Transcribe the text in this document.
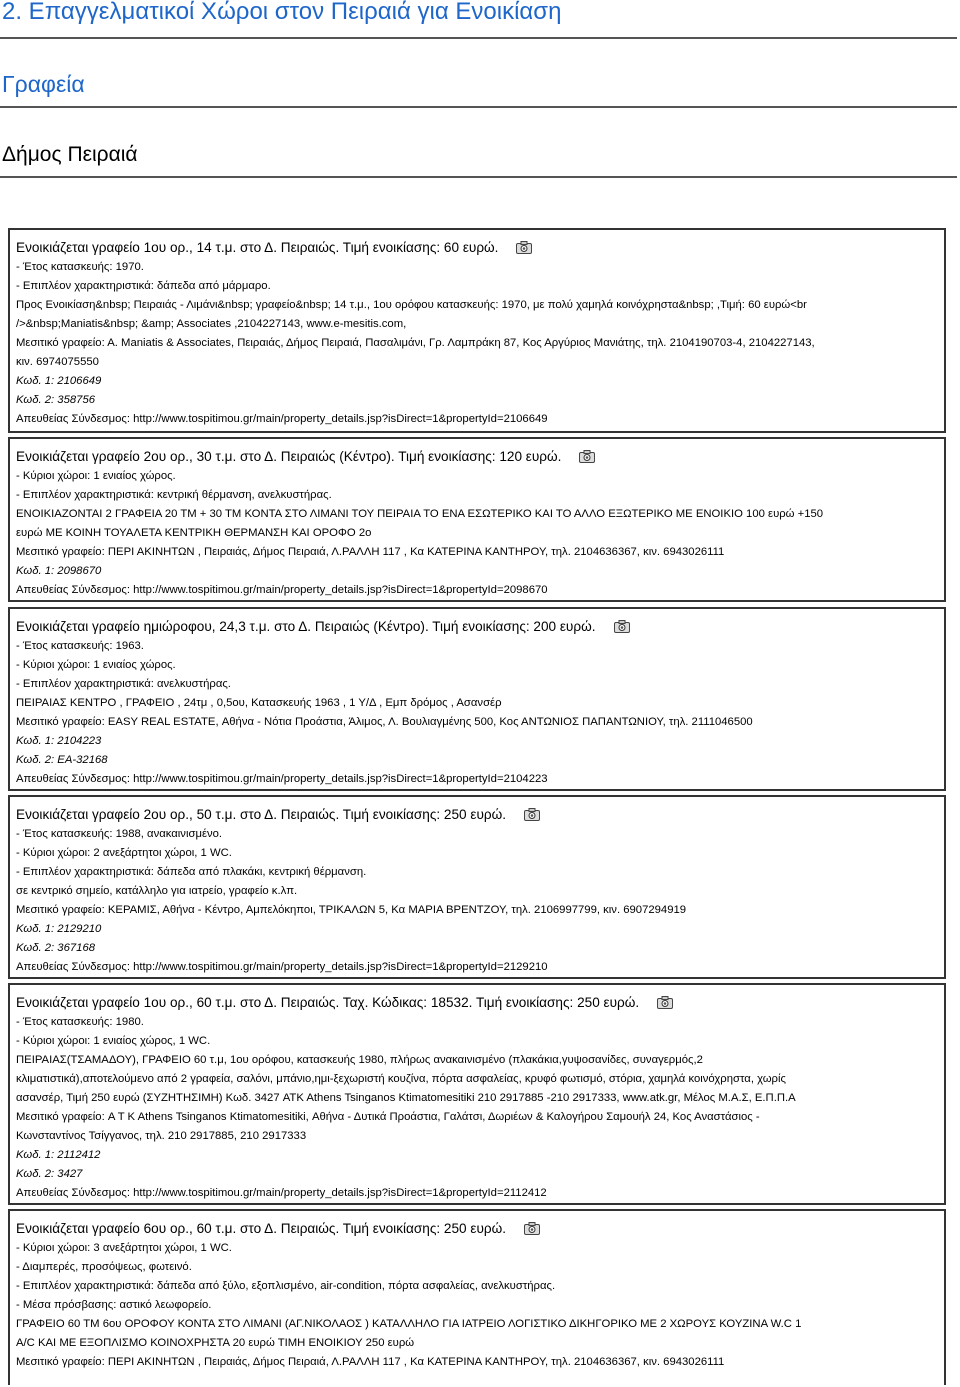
2. Επαγγελματικοί Χώροι στον Πειραιά για Ενοικίαση
Γραφεία
Δήμος Πειραιά
Ενοικιάζεται γραφείο 1ου ορ., 14 τ.μ. στο Δ. Πειραιώς. Τιμή ενοικίασης: 60 ευρώ.
- Έτος κατασκευής: 1970.
- Επιπλέον χαρακτηριστικά: δάπεδα από μάρμαρο.
Προς Ενοικίαση&nbsp; Πειραιάς - Λιμάνι&nbsp; γραφείο&nbsp; 14 τ.μ., 1ου ορόφου κατασκευής: 1970, με πολύ χαμηλά κοινόχρηστα&nbsp; ,Τιμή: 60 ευρώ<br
/>&nbsp;Maniatis&nbsp; &amp; Associates ,2104227143, www.e-mesitis.com,
Μεσιτικό γραφείο: Α. Maniatis & Associates, Πειραιάς, Δήμος Πειραιά, Πασαλιμάνι, Γρ. Λαμπράκη 87, Κος Αργύριος Μανιάτης, τηλ. 2104190703-4, 2104227143,
κιν. 6974075550
Κωδ. 1: 2106649
Κωδ. 2: 358756
Απευθείας Σύνδεσμος: http://www.tospitimou.gr/main/property_details.jsp?isDirect=1&propertyId=2106649
Ενοικιάζεται γραφείο 2ου ορ., 30 τ.μ. στο Δ. Πειραιώς (Κέντρο). Τιμή ενοικίασης: 120 ευρώ.
- Κύριοι χώροι: 1 ενιαίος χώρος.
- Επιπλέον χαρακτηριστικά: κεντρική θέρμανση, ανελκυστήρας.
ΕΝΟΙΚΙΑΖΟΝΤΑΙ 2 ΓΡΑΦΕΙΑ 20 ΤΜ + 30 ΤΜ ΚΟΝΤΑ ΣΤΟ ΛΙΜΑΝΙ ΤΟΥ ΠΕΙΡΑΙΑ ΤΟ ΕΝΑ ΕΣΩΤΕΡΙΚΟ ΚΑΙ ΤΟ ΑΛΛΟ ΕΞΩΤΕΡΙΚΟ ΜΕ ΕΝΟΙΚΙΟ 100 ευρώ +150
ευρώ ΜΕ ΚΟΙΝΗ ΤΟΥΑΛΕΤΑ ΚΕΝΤΡΙΚΗ ΘΕΡΜΑΝΣΗ ΚΑΙ ΟΡΟΦΟ 2ο
Μεσιτικό γραφείο: ΠΕΡΙ ΑΚΙΝΗΤΩΝ , Πειραιάς, Δήμος Πειραιά, Λ.ΡΑΛΛΗ 117 , Κα ΚΑΤΕΡΙΝΑ ΚΑΝΤΗΡΟΥ, τηλ. 2104636367, κιν. 6943026111
Κωδ. 1: 2098670
Απευθείας Σύνδεσμος: http://www.tospitimou.gr/main/property_details.jsp?isDirect=1&propertyId=2098670
Ενοικιάζεται γραφείο ημιώροφου, 24,3 τ.μ. στο Δ. Πειραιώς (Κέντρο). Τιμή ενοικίασης: 200 ευρώ.
- Έτος κατασκευής: 1963.
- Κύριοι χώροι: 1 ενιαίος χώρος.
- Επιπλέον χαρακτηριστικά: ανελκυστήρας.
ΠΕΙΡΑΙΑΣ ΚΕΝΤΡΟ , ΓΡΑΦΕΙΟ , 24τμ , 0,5ου, Κατασκευής 1963 , 1 Υ/Δ , Εμπ δρόμος , Ασανσέρ
Μεσιτικό γραφείο: EASY REAL ESTATE, Αθήνα - Νότια Προάστια, Άλιμος, Λ. Βουλιαγμένης 500, Κος ΑΝΤΩΝΙΟΣ ΠΑΠΑΝΤΩΝΙΟΥ, τηλ. 2111046500
Κωδ. 1: 2104223
Κωδ. 2: ΕΑ-32168
Απευθείας Σύνδεσμος: http://www.tospitimou.gr/main/property_details.jsp?isDirect=1&propertyId=2104223
Ενοικιάζεται γραφείο 2ου ορ., 50 τ.μ. στο Δ. Πειραιώς. Τιμή ενοικίασης: 250 ευρώ.
- Έτος κατασκευής: 1988, ανακαινισμένο.
- Κύριοι χώροι: 2 ανεξάρτητοι χώροι, 1 WC.
- Επιπλέον χαρακτηριστικά: δάπεδα από πλακάκι, κεντρική θέρμανση.
σε κεντρικό σημείο, κατάλληλο για ιατρείο, γραφείο κ.λπ.
Μεσιτικό γραφείο: ΚΕΡΑΜΙΣ, Αθήνα - Κέντρο, Αμπελόκηποι, ΤΡΙΚΑΛΩΝ 5, Κα ΜΑΡΙΑ ΒΡΕΝΤΖΟΥ, τηλ. 2106997799, κιν. 6907294919
Κωδ. 1: 2129210
Κωδ. 2: 367168
Απευθείας Σύνδεσμος: http://www.tospitimou.gr/main/property_details.jsp?isDirect=1&propertyId=2129210
Ενοικιάζεται γραφείο 1ου ορ., 60 τ.μ. στο Δ. Πειραιώς. Ταχ. Κώδικας: 18532. Τιμή ενοικίασης: 250 ευρώ.
- Έτος κατασκευής: 1980.
- Κύριοι χώροι: 1 ενιαίος χώρος, 1 WC.
ΠΕΙΡΑΙΑΣ(ΤΣΑΜΑΔΟΥ), ΓΡΑΦΕΙΟ 60 τ.μ, 1ου ορόφου, κατασκευής 1980, πλήρως ανακαινισμένο (πλακάκια,γυψοσανίδες, συναγερμός,2
κλιματιστικά),αποτελούμενο από 2 γραφεία, σαλόνι, μπάνιο,ημι-ξεχωριστή κουζίνα, πόρτα ασφαλείας, κρυφό φωτισμό, στόρια, χαμηλά κοινόχρηστα, χωρίς
ασανσέρ, Τιμή 250 ευρώ (ΣΥΖΗΤΗΣΙΜΗ) Κωδ. 3427 ATK Athens Tsinganos Ktimatomesitiki 210 2917885 -210 2917333, www.atk.gr, Μέλος Μ.Α.Σ, Ε.Π.Π.Α
Μεσιτικό γραφείο: A T K Athens Tsinganos Ktimatomesitiki, Αθήνα - Δυτικά Προάστια, Γαλάτσι, Δωριέων & Καλογήρου Σαμουήλ 24, Κος Αναστάσιος -
Κωνσταντίνος Τσίγγανος, τηλ. 210 2917885, 210 2917333
Κωδ. 1: 2112412
Κωδ. 2: 3427
Απευθείας Σύνδεσμος: http://www.tospitimou.gr/main/property_details.jsp?isDirect=1&propertyId=2112412
Ενοικιάζεται γραφείο 6ου ορ., 60 τ.μ. στο Δ. Πειραιώς. Τιμή ενοικίασης: 250 ευρώ.
- Κύριοι χώροι: 3 ανεξάρτητοι χώροι, 1 WC.
- Διαμπερές, προσόψεως, φωτεινό.
- Επιπλέον χαρακτηριστικά: δάπεδα από ξύλο, εξοπλισμένο, air-condition, πόρτα ασφαλείας, ανελκυστήρας.
- Μέσα πρόσβασης: αστικό λεωφορείο.
ΓΡΑΦΕΙΟ 60 ΤΜ 6ου ΟΡΟΦΟΥ ΚΟΝΤΑ ΣΤΟ ΛΙΜΑΝΙ (ΑΓ.ΝΙΚΟΛΑΟΣ ) ΚΑΤΑΛΛΗΛΟ ΓΙΑ ΙΑΤΡΕΙΟ ΛΟΓΙΣΤΙΚΟ ΔΙΚΗΓΟΡΙΚΟ ΜΕ 2 ΧΩΡΟΥΣ ΚΟΥΖΙΝΑ W.C 1
Α/C ΚΑΙ ΜΕ ΕΞΟΠΛΙΣΜΟ ΚΟΙΝΟΧΡΗΣΤΑ 20 ευρώ ΤΙΜΗ ΕΝΟΙΚΙΟΥ 250 ευρώ
Μεσιτικό γραφείο: ΠΕΡΙ ΑΚΙΝΗΤΩΝ , Πειραιάς, Δήμος Πειραιά, Λ.ΡΑΛΛΗ 117 , Κα ΚΑΤΕΡΙΝΑ ΚΑΝΤΗΡΟΥ, τηλ. 2104636367, κιν. 6943026111
